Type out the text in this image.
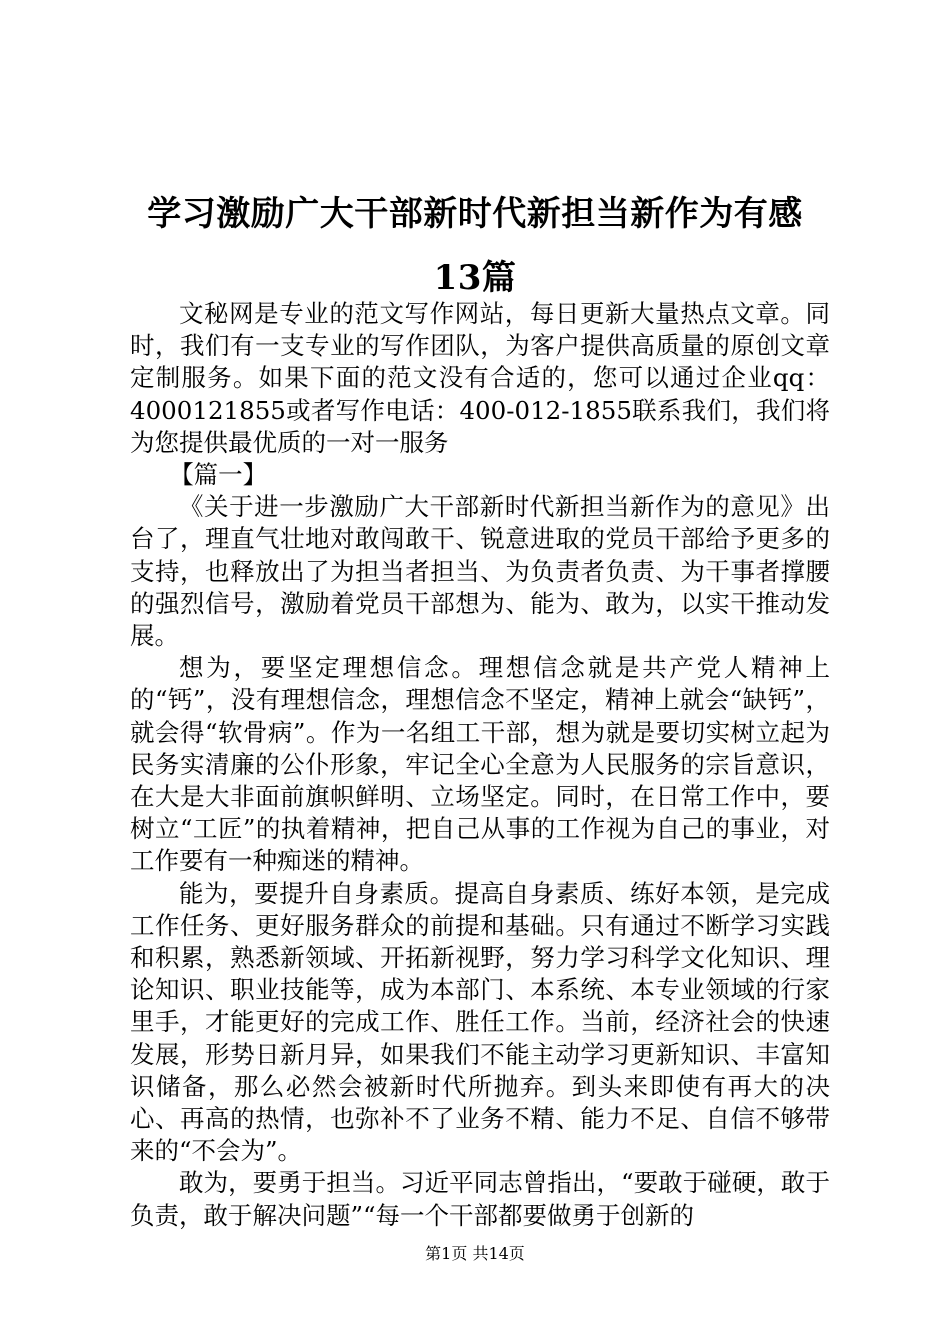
学习激励广大干部新时代新担当新作为有感
13篇

文秘网是专业的范文写作网站，每日更新大量热点文章。同时，我们有一支专业的写作团队，为客户提供高质量的原创文章定制服务。如果下面的范文没有合适的，您可以通过企业qq：4000121855或者写作电话：400-012-1855联系我们，我们将为您提供最优质的一对一服务

【篇一】

《关于进一步激励广大干部新时代新担当新作为的意见》出台了，理直气壮地对敢闯敢干、锐意进取的党员干部给予更多的支持，也释放出了为担当者担当、为负责者负责、为干事者撑腰的强烈信号，激励着党员干部想为、能为、敢为，以实干推动发展。

想为，要坚定理想信念。理想信念就是共产党人精神上的“钙”，没有理想信念，理想信念不坚定，精神上就会“缺钙”，就会得“软骨病”。作为一名组工干部，想为就是要切实树立起为民务实清廉的公仆形象，牢记全心全意为人民服务的宗旨意识，在大是大非面前旗帜鲜明、立场坚定。同时，在日常工作中，要树立“工匠”的执着精神，把自己从事的工作视为自己的事业，对工作要有一种痴迷的精神。

能为，要提升自身素质。提高自身素质、练好本领，是完成工作任务、更好服务群众的前提和基础。只有通过不断学习实践和积累，熟悉新领域、开拓新视野，努力学习科学文化知识、理论知识、职业技能等，成为本部门、本系统、本专业领域的行家里手，才能更好的完成工作、胜任工作。当前，经济社会的快速发展，形势日新月异，如果我们不能主动学习更新知识、丰富知识储备，那么必然会被新时代所抛弃。到头来即使有再大的决心、再高的热情，也弥补不了业务不精、能力不足、自信不够带来的“不会为”。

敢为，要勇于担当。习近平同志曾指出，“要敢于碰硬，敢于负责，敢于解决问题”“每一个干部都要做勇于创新的

第1页 共14页
